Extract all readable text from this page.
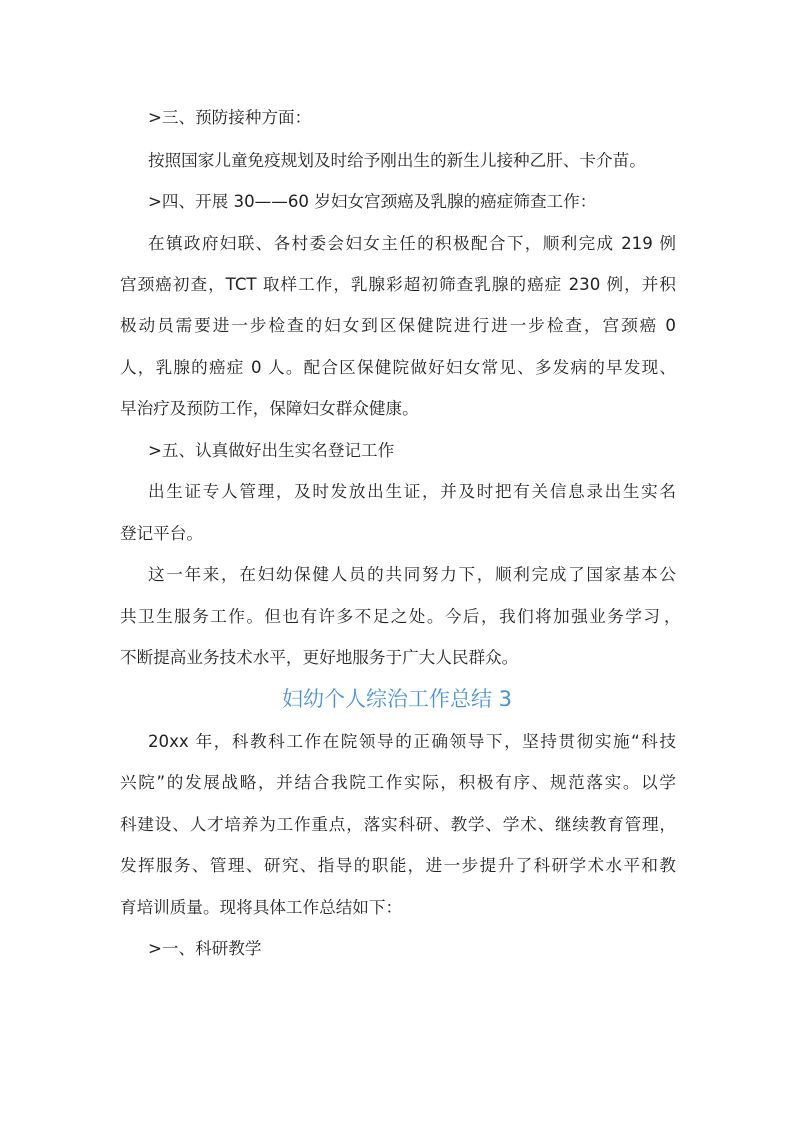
>三、预防接种方面：
按照国家儿童免疫规划及时给予刚出生的新生儿接种乙肝、卡介苗。
>四、开展 30——60 岁妇女宫颈癌及乳腺的癌症筛查工作：
在镇政府妇联、各村委会妇女主任的积极配合下，顺利完成 219 例
宫颈癌初查，TCT 取样工作，乳腺彩超初筛查乳腺的癌症 230 例，并积
极动员需要进一步检查的妇女到区保健院进行进一步检查，宫颈癌 0
人，乳腺的癌症 0 人。配合区保健院做好妇女常见、多发病的早发现、
早治疗及预防工作，保障妇女群众健康。
>五、认真做好出生实名登记工作
出生证专人管理，及时发放出生证，并及时把有关信息录出生实名
登记平台。
这一年来，在妇幼保健人员的共同努力下，顺利完成了国家基本公
共卫生服务工作。但也有许多不足之处。今后，我们将加强业务学习 ，
不断提高业务技术水平，更好地服务于广大人民群众。
妇幼个人综治工作总结 3
20xx 年，科教科工作在院领导的正确领导下，坚持贯彻实施“科技
兴院”的发展战略，并结合我院工作实际，积极有序、规范落实。以学
科建设、人才培养为工作重点，落实科研、教学、学术、继续教育管理，
发挥服务、管理、研究、指导的职能，进一步提升了科研学术水平和教
育培训质量。现将具体工作总结如下：
>一、科研教学
